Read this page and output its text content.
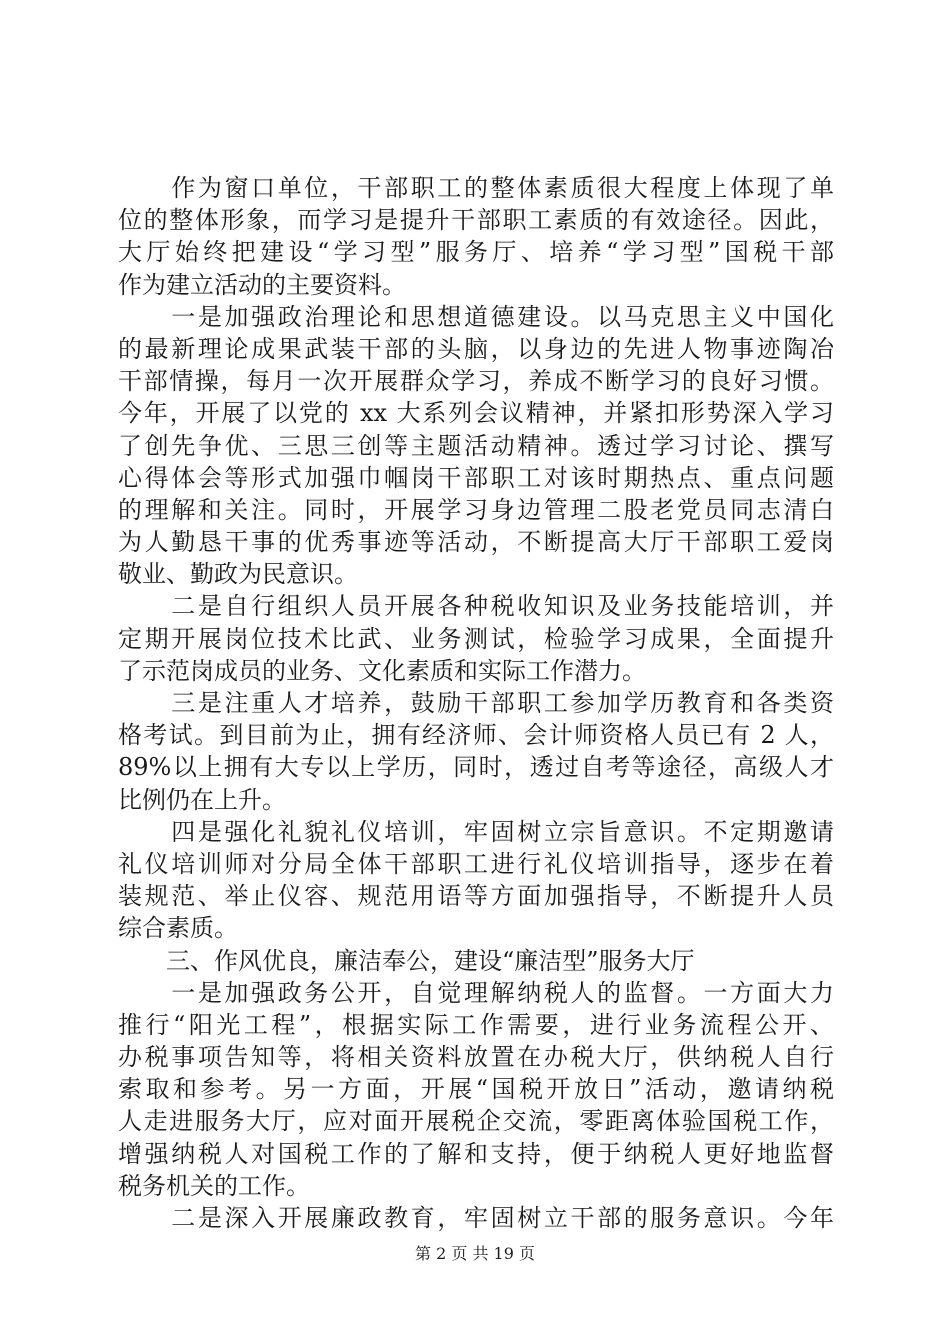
　　作为窗口单位，干部职工的整体素质很大程度上体现了单
位的整体形象，而学习是提升干部职工素质的有效途径。因此，
大厅始终把建设“学习型”服务厅、培养“学习型”国税干部
作为建立活动的主要资料。
　　一是加强政治理论和思想道德建设。以马克思主义中国化
的最新理论成果武装干部的头脑，以身边的先进人物事迹陶冶
干部情操，每月一次开展群众学习，养成不断学习的良好习惯。
今年，开展了以党的 xx 大系列会议精神，并紧扣形势深入学习
了创先争优、三思三创等主题活动精神。透过学习讨论、撰写
心得体会等形式加强巾帼岗干部职工对该时期热点、重点问题
的理解和关注。同时，开展学习身边管理二股老党员同志清白
为人勤恳干事的优秀事迹等活动，不断提高大厅干部职工爱岗
敬业、勤政为民意识。
　　二是自行组织人员开展各种税收知识及业务技能培训，并
定期开展岗位技术比武、业务测试，检验学习成果，全面提升
了示范岗成员的业务、文化素质和实际工作潜力。
　　三是注重人才培养，鼓励干部职工参加学历教育和各类资
格考试。到目前为止，拥有经济师、会计师资格人员已有 2 人，
89%以上拥有大专以上学历，同时，透过自考等途径，高级人才
比例仍在上升。
　　四是强化礼貌礼仪培训，牢固树立宗旨意识。不定期邀请
礼仪培训师对分局全体干部职工进行礼仪培训指导，逐步在着
装规范、举止仪容、规范用语等方面加强指导，不断提升人员
综合素质。
　　三、作风优良，廉洁奉公，建设“廉洁型”服务大厅
　　一是加强政务公开，自觉理解纳税人的监督。一方面大力
推行“阳光工程”，根据实际工作需要，进行业务流程公开、
办税事项告知等，将相关资料放置在办税大厅，供纳税人自行
索取和参考。另一方面，开展“国税开放日”活动，邀请纳税
人走进服务大厅，应对面开展税企交流，零距离体验国税工作，
增强纳税人对国税工作的了解和支持，便于纳税人更好地监督
税务机关的工作。
　　二是深入开展廉政教育，牢固树立干部的服务意识。今年
第 2 页 共 19 页
